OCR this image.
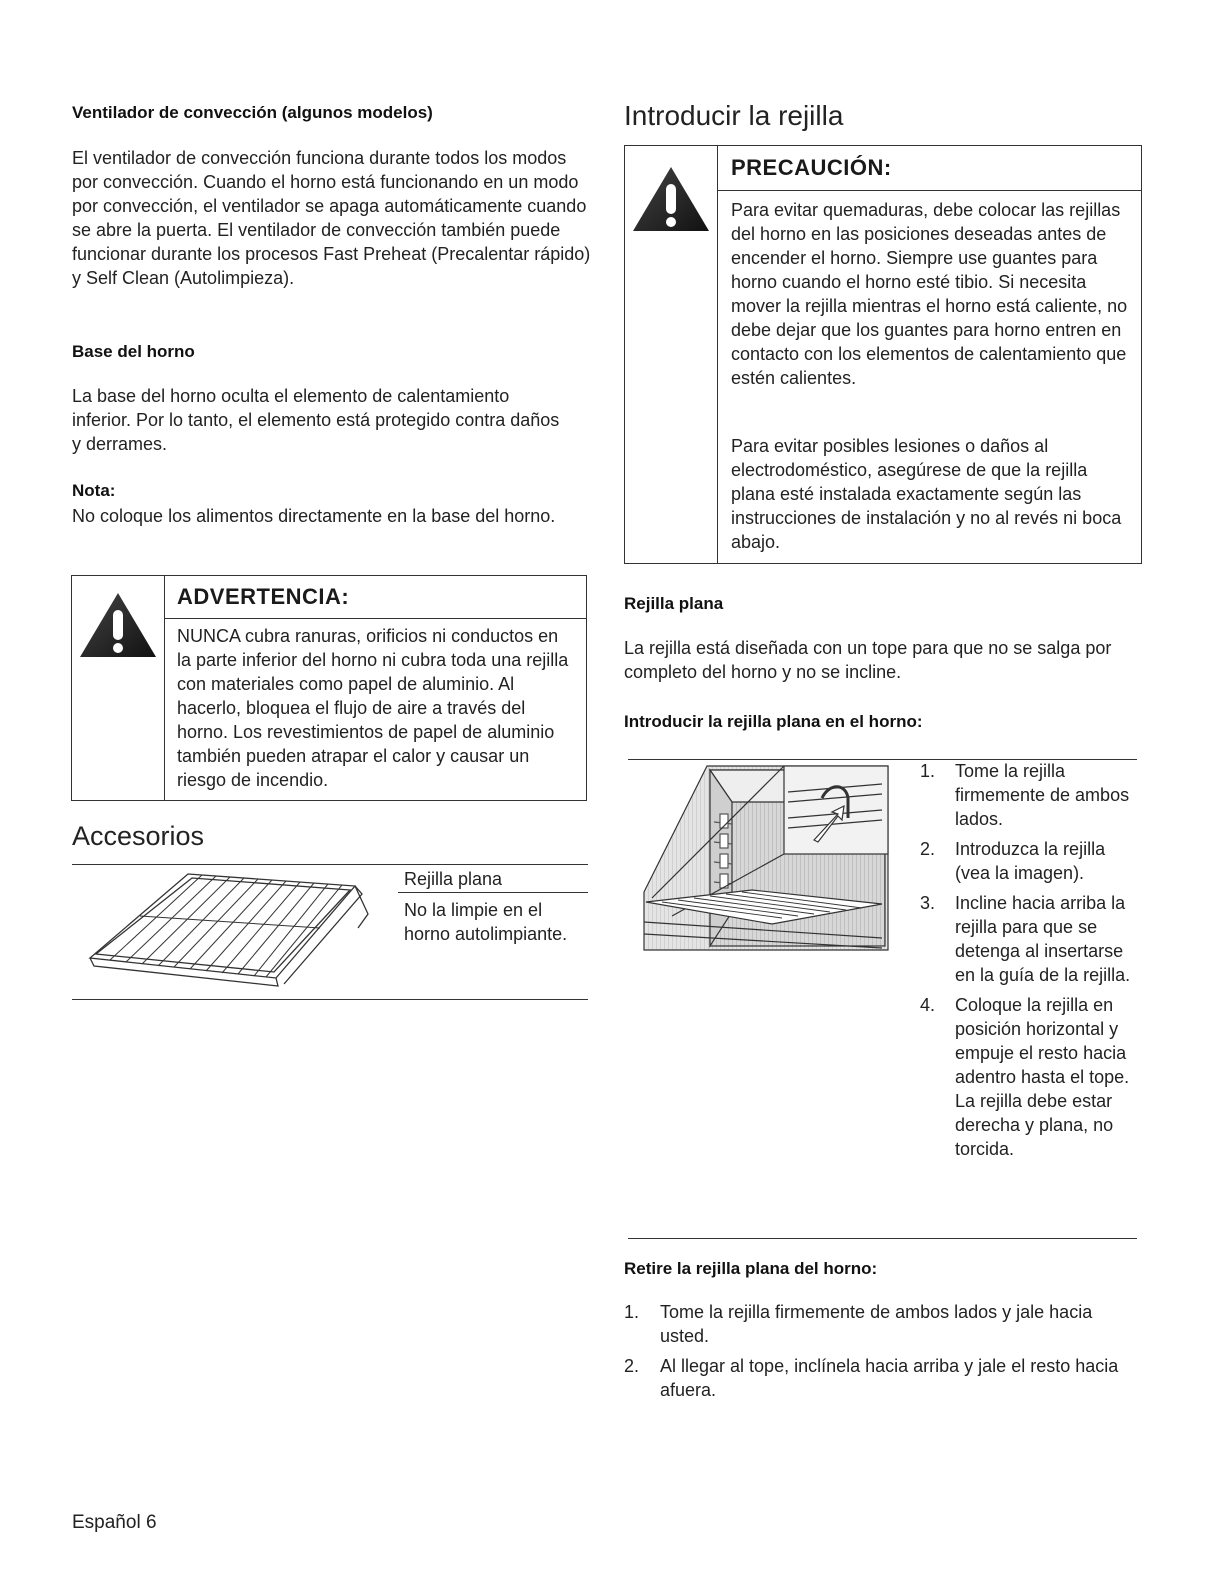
Ventilador de convección (algunos modelos)

El ventilador de convección funciona durante todos los modos por convección. Cuando el horno está funcionando en un modo por convección, el ventilador se apaga automáticamente cuando se abre la puerta. El ventilador de convección también puede funcionar durante los procesos Fast Preheat (Precalentar rápido) y Self Clean (Autolimpieza).

Base del horno

La base del horno oculta el elemento de calentamiento inferior. Por lo tanto, el elemento está protegido contra daños y derrames.

Nota:

No coloque los alimentos directamente en la base del horno.

ADVERTENCIA:

NUNCA cubra ranuras, orificios ni conductos en la parte inferior del horno ni cubra toda una rejilla con materiales como papel de aluminio. Al hacerlo, bloquea el flujo de aire a través del horno. Los revestimientos de papel de aluminio también pueden atrapar el calor y causar un riesgo de incendio.

Accesorios
Rejilla plana

No la limpie en el horno autolimpiante.

Introducir la rejilla
PRECAUCIÓN:

Para evitar quemaduras, debe colocar las rejillas del horno en las posiciones deseadas antes de encender el horno. Siempre use guantes para horno cuando el horno esté tibio. Si necesita mover la rejilla mientras el horno está caliente, no debe dejar que los guantes para horno entren en contacto con los elementos de calentamiento que estén calientes.

Para evitar posibles lesiones o daños al electrodoméstico, asegúrese de que la rejilla plana esté instalada exactamente según las instrucciones de instalación y no al revés ni boca abajo.

Rejilla plana

La rejilla está diseñada con un tope para que no se salga por completo del horno y no se incline.

Introducir la rejilla plana en el horno:
1. Tome la rejilla firmemente de ambos lados.
2. Introduzca la rejilla (vea la imagen).
3. Incline hacia arriba la rejilla para que se detenga al insertarse en la guía de la rejilla.
4. Coloque la rejilla en posición horizontal y empuje el resto hacia adentro hasta el tope. La rejilla debe estar derecha y plana, no torcida.
Retire la rejilla plana del horno:
1. Tome la rejilla firmemente de ambos lados y jale hacia usted.
2. Al llegar al tope, inclínela hacia arriba y jale el resto hacia afuera.
Español 6
